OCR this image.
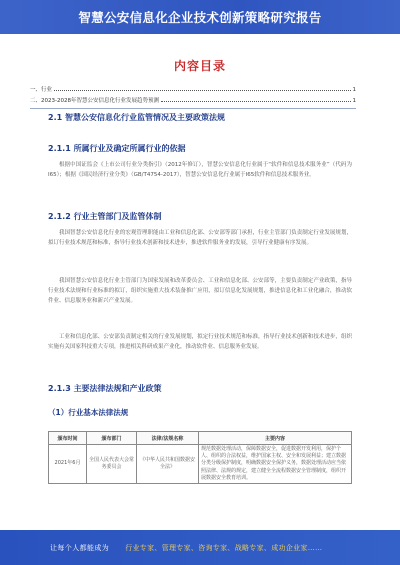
智慧公安信息化企业技术创新策略研究报告
内容目录
一、行业	1
二、2023-2028年智慧公安信息化行业发展趋势预测	1
2.1 智慧公安信息化行业监管情况及主要政策法规
2.1.1 所属行业及确定所属行业的依据

根据中国证监会《上市公司行业分类指引》（2012年修订），智慧公安信息化行业属于“软件和信息技术服务业”（代码为I65）；根据《国民经济行业分类》（GB/T4754-2017），智慧公安信息化行业属于I65软件和信息技术服务业。

2.1.2 行业主管部门及监管体制

我国智慧公安信息化行业的宏观管理职能由工业和信息化部、公安部等部门承担，行业主管部门负责制定行业发展规划，拟订行业技术规范和标准，指导行业技术创新和技术进步，推进软件服务业的发展，引导行业健康有序发展。

我国智慧公安信息化行业主管部门为国家发展和改革委员会、工业和信息化部、公安部等，主要负责制定产业政策，指导行业技术法规和行业标准的拟订，组织实施重大技术装备推广应用，拟订信息化发展规划，推进信息化和工业化融合，推动软件业、信息服务业和新兴产业发展。

工业和信息化部、公安部负责制定相关的行业发展规划，拟定行业技术规范和标准，指导行业技术创新和技术进步，组织实施有关国家科技重大专项，推进相关科研成果产业化，推动软件业、信息服务业发展。

2.1.3 主要法律法规和产业政策
（1）行业基本法律法规
颁布时间	颁布部门	法律/法规名称	主要内容
2021年6月	全国人民代表大会常务委员会	《中华人民共和国数据安全法》	规范数据处理活动，保障数据安全，促进数据开发利用，保护个人、组织的合法权益，维护国家主权、安全和发展利益；建立数据分类分级保护制度，明确数据安全保护义务，数据处理活动应当依照法律、法规的规定，建立健全全流程数据安全管理制度，组织开展数据安全教育培训。
让每个人都能成为 行业专家、管理专家、咨询专家、战略专家、成功企业家……
